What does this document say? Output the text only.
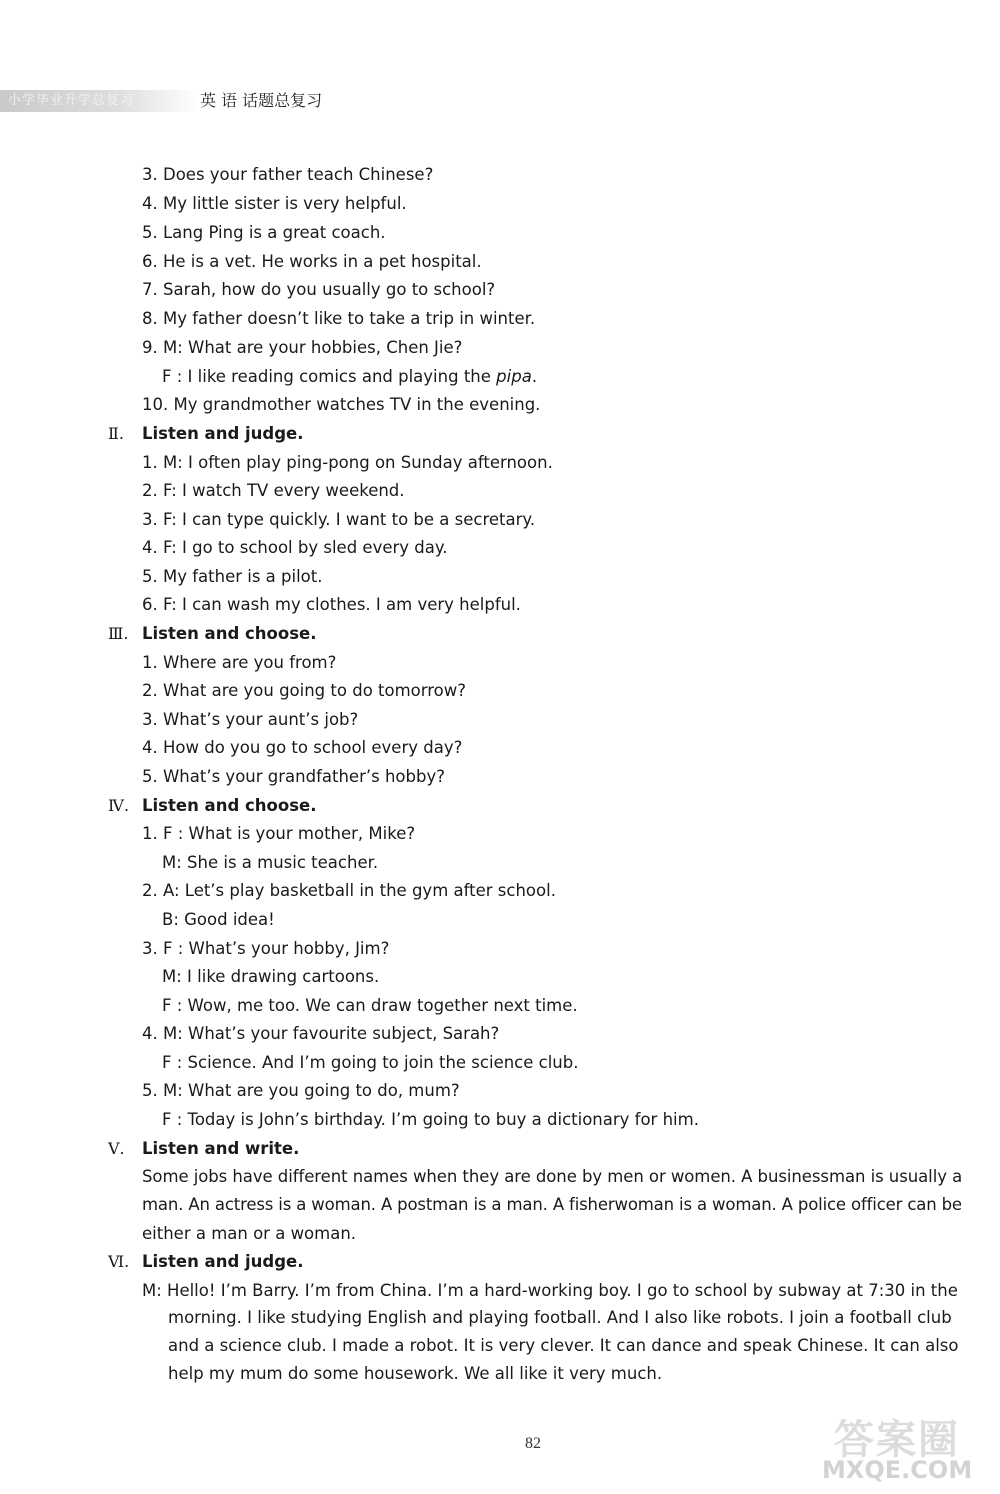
小学毕业升学总复习	英 语 话题总复习
3. Does your father teach Chinese?
4. My little sister is very helpful.
5. Lang Ping is a great coach.
6. He is a vet. He works in a pet hospital.
7. Sarah, how do you usually go to school?
8. My father doesn’t like to take a trip in winter.
9. M: What are your hobbies, Chen Jie?
F : I like reading comics and playing the pipa.
10. My grandmother watches TV in the evening.
Ⅱ. Listen and judge.
1. M: I often play ping-pong on Sunday afternoon.
2. F: I watch TV every weekend.
3. F: I can type quickly. I want to be a secretary.
4. F: I go to school by sled every day.
5. My father is a pilot.
6. F: I can wash my clothes. I am very helpful.
Ⅲ. Listen and choose.
1. Where are you from?
2. What are you going to do tomorrow?
3. What’s your aunt’s job?
4. How do you go to school every day?
5. What’s your grandfather’s hobby?
Ⅳ. Listen and choose.
1. F : What is your mother, Mike?
M: She is a music teacher.
2. A: Let’s play basketball in the gym after school.
B: Good idea!
3. F : What’s your hobby, Jim?
M: I like drawing cartoons.
F : Wow, me too. We can draw together next time.
4. M: What’s your favourite subject, Sarah?
F : Science. And I’m going to join the science club.
5. M: What are you going to do, mum?
F : Today is John’s birthday. I’m going to buy a dictionary for him.
Ⅴ. Listen and write.
Some jobs have different names when they are done by men or women. A businessman is usually a
man. An actress is a woman. A postman is a man. A fisherwoman is a woman. A police officer can be
either a man or a woman.
Ⅵ. Listen and judge.
M: Hello! I’m Barry. I’m from China. I’m a hard-working boy. I go to school by subway at 7:30 in the
morning. I like studying English and playing football. And I also like robots. I join a football club
and a science club. I made a robot. It is very clever. It can dance and speak Chinese. It can also
help my mum do some housework. We all like it very much.
82	答案圈
MXQE.COM
